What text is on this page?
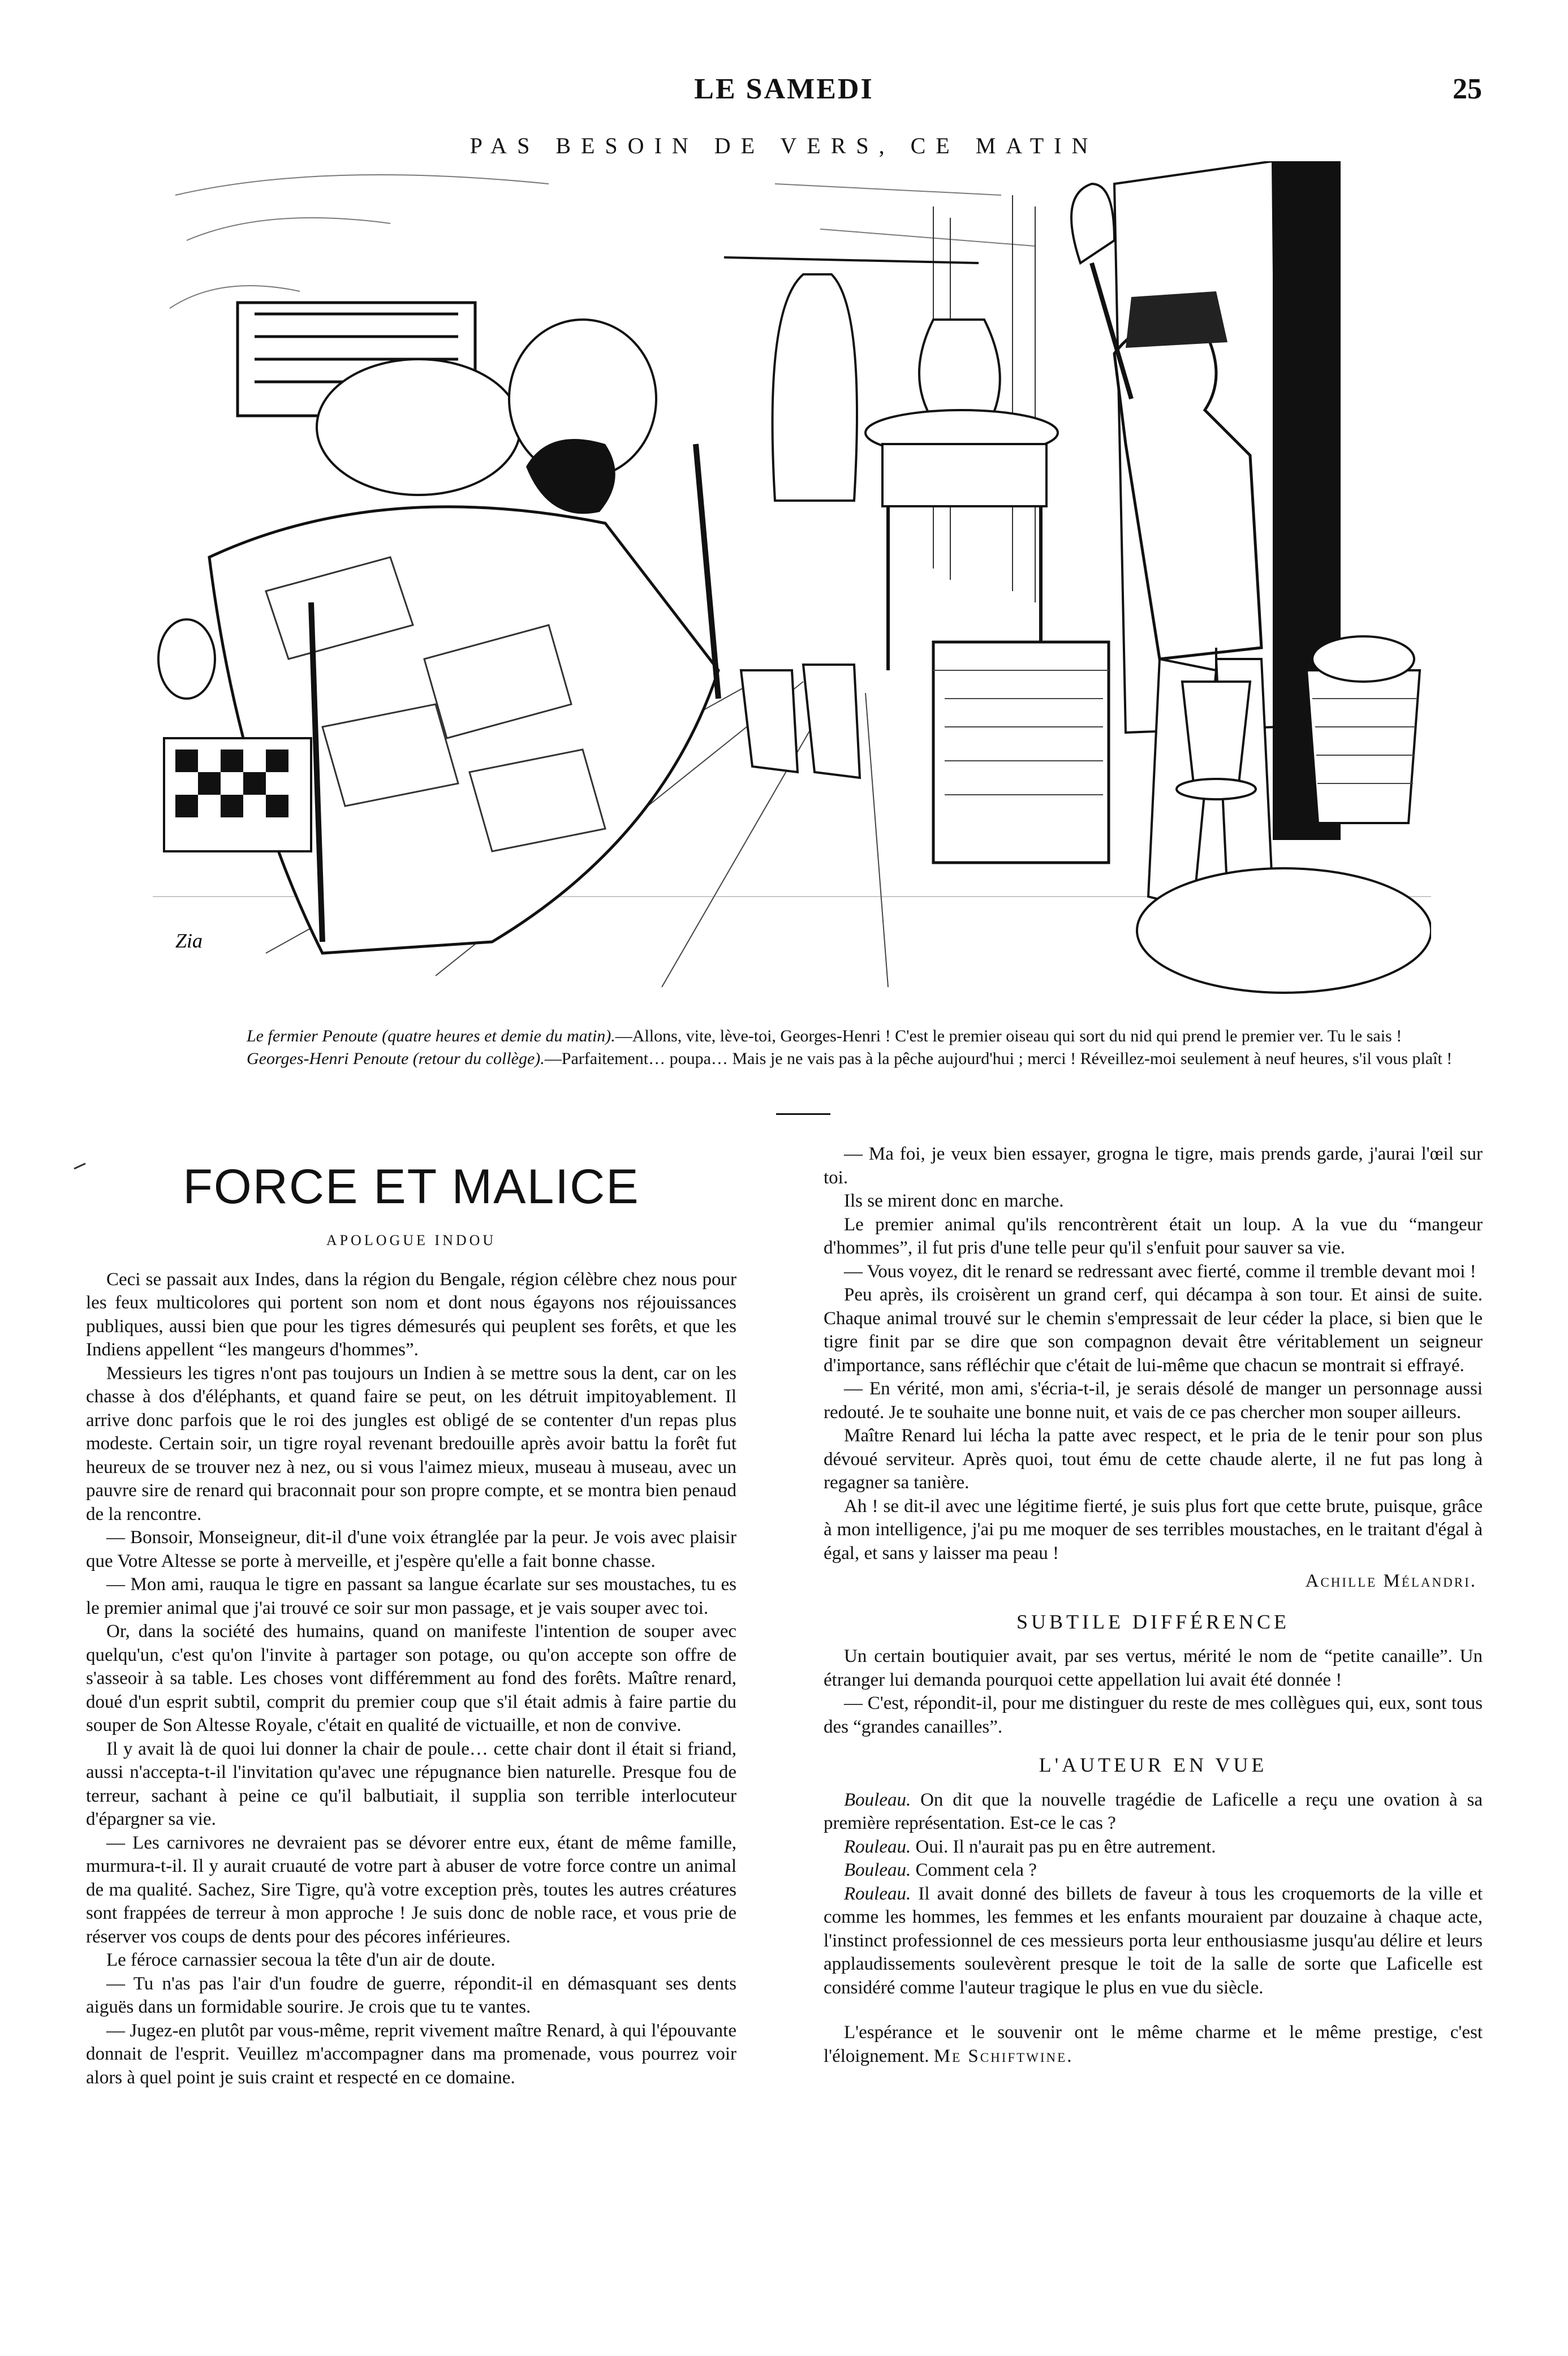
LE SAMEDI	25
PAS BESOIN DE VERS, CE MATIN
Zia

Le fermier Penoute (quatre heures et demie du matin).—Allons, vite, lève-toi, Georges-Henri ! C'est le premier oiseau qui sort du nid qui prend le premier ver. Tu le sais !

Georges-Henri Penoute (retour du collège).—Parfaitement… poupa… Mais je ne vais pas à la pêche aujourd'hui ; merci ! Réveillez-moi seulement à neuf heures, s'il vous plaît !

FORCE ET MALICE
APOLOGUE INDOU

Ceci se passait aux Indes, dans la région du Bengale, région célèbre chez nous pour les feux multicolores qui portent son nom et dont nous égayons nos réjouissances publiques, aussi bien que pour les tigres démesurés qui peuplent ses forêts, et que les Indiens appellent “les mangeurs d'hommes”.

Messieurs les tigres n'ont pas toujours un Indien à se mettre sous la dent, car on les chasse à dos d'éléphants, et quand faire se peut, on les détruit impitoyablement. Il arrive donc parfois que le roi des jungles est obligé de se contenter d'un repas plus modeste. Certain soir, un tigre royal revenant bredouille après avoir battu la forêt fut heureux de se trouver nez à nez, ou si vous l'aimez mieux, museau à museau, avec un pauvre sire de renard qui braconnait pour son propre compte, et se montra bien penaud de la rencontre.

— Bonsoir, Monseigneur, dit-il d'une voix étranglée par la peur. Je vois avec plaisir que Votre Altesse se porte à merveille, et j'espère qu'elle a fait bonne chasse.

— Mon ami, rauqua le tigre en passant sa langue écarlate sur ses moustaches, tu es le premier animal que j'ai trouvé ce soir sur mon passage, et je vais souper avec toi.

Or, dans la société des humains, quand on manifeste l'intention de souper avec quelqu'un, c'est qu'on l'invite à partager son potage, ou qu'on accepte son offre de s'asseoir à sa table. Les choses vont différemment au fond des forêts. Maître renard, doué d'un esprit subtil, comprit du premier coup que s'il était admis à faire partie du souper de Son Altesse Royale, c'était en qualité de victuaille, et non de convive.

Il y avait là de quoi lui donner la chair de poule… cette chair dont il était si friand, aussi n'accepta-t-il l'invitation qu'avec une répugnance bien naturelle. Presque fou de terreur, sachant à peine ce qu'il balbutiait, il supplia son terrible interlocuteur d'épargner sa vie.

— Les carnivores ne devraient pas se dévorer entre eux, étant de même famille, murmura-t-il. Il y aurait cruauté de votre part à abuser de votre force contre un animal de ma qualité. Sachez, Sire Tigre, qu'à votre exception près, toutes les autres créatures sont frappées de terreur à mon approche ! Je suis donc de noble race, et vous prie de réserver vos coups de dents pour des pécores inférieures.

Le féroce carnassier secoua la tête d'un air de doute.

— Tu n'as pas l'air d'un foudre de guerre, répondit-il en démasquant ses dents aiguës dans un formidable sourire. Je crois que tu te vantes.

— Jugez-en plutôt par vous-même, reprit vivement maître Renard, à qui l'épouvante donnait de l'esprit. Veuillez m'accompagner dans ma promenade, vous pourrez voir alors à quel point je suis craint et respecté en ce domaine.

— Ma foi, je veux bien essayer, grogna le tigre, mais prends garde, j'aurai l'œil sur toi.

Ils se mirent donc en marche.

Le premier animal qu'ils rencontrèrent était un loup. A la vue du “mangeur d'hommes”, il fut pris d'une telle peur qu'il s'enfuit pour sauver sa vie.

— Vous voyez, dit le renard se redressant avec fierté, comme il tremble devant moi !

Peu après, ils croisèrent un grand cerf, qui décampa à son tour. Et ainsi de suite. Chaque animal trouvé sur le chemin s'empressait de leur céder la place, si bien que le tigre finit par se dire que son compagnon devait être véritablement un seigneur d'importance, sans réfléchir que c'était de lui-même que chacun se montrait si effrayé.

— En vérité, mon ami, s'écria-t-il, je serais désolé de manger un personnage aussi redouté. Je te souhaite une bonne nuit, et vais de ce pas chercher mon souper ailleurs.

Maître Renard lui lécha la patte avec respect, et le pria de le tenir pour son plus dévoué serviteur. Après quoi, tout ému de cette chaude alerte, il ne fut pas long à regagner sa tanière.

Ah ! se dit-il avec une légitime fierté, je suis plus fort que cette brute, puisque, grâce à mon intelligence, j'ai pu me moquer de ses terribles moustaches, en le traitant d'égal à égal, et sans y laisser ma peau !

Achille Mélandri.
SUBTILE DIFFÉRENCE

Un certain boutiquier avait, par ses vertus, mérité le nom de “petite canaille”. Un étranger lui demanda pourquoi cette appellation lui avait été donnée !

— C'est, répondit-il, pour me distinguer du reste de mes collègues qui, eux, sont tous des “grandes canailles”.

L'AUTEUR EN VUE

Bouleau. On dit que la nouvelle tragédie de Laficelle a reçu une ovation à sa première représentation. Est-ce le cas ?

Rouleau. Oui. Il n'aurait pas pu en être autrement.

Bouleau. Comment cela ?

Rouleau. Il avait donné des billets de faveur à tous les croquemorts de la ville et comme les hommes, les femmes et les enfants mouraient par douzaine à chaque acte, l'instinct professionnel de ces messieurs porta leur enthousiasme jusqu'au délire et leurs applaudissements soulevèrent presque le toit de la salle de sorte que Laficelle est considéré comme l'auteur tragique le plus en vue du siècle.

L'espérance et le souvenir ont le même charme et le même prestige, c'est l'éloignement. Me Schiftwine.
